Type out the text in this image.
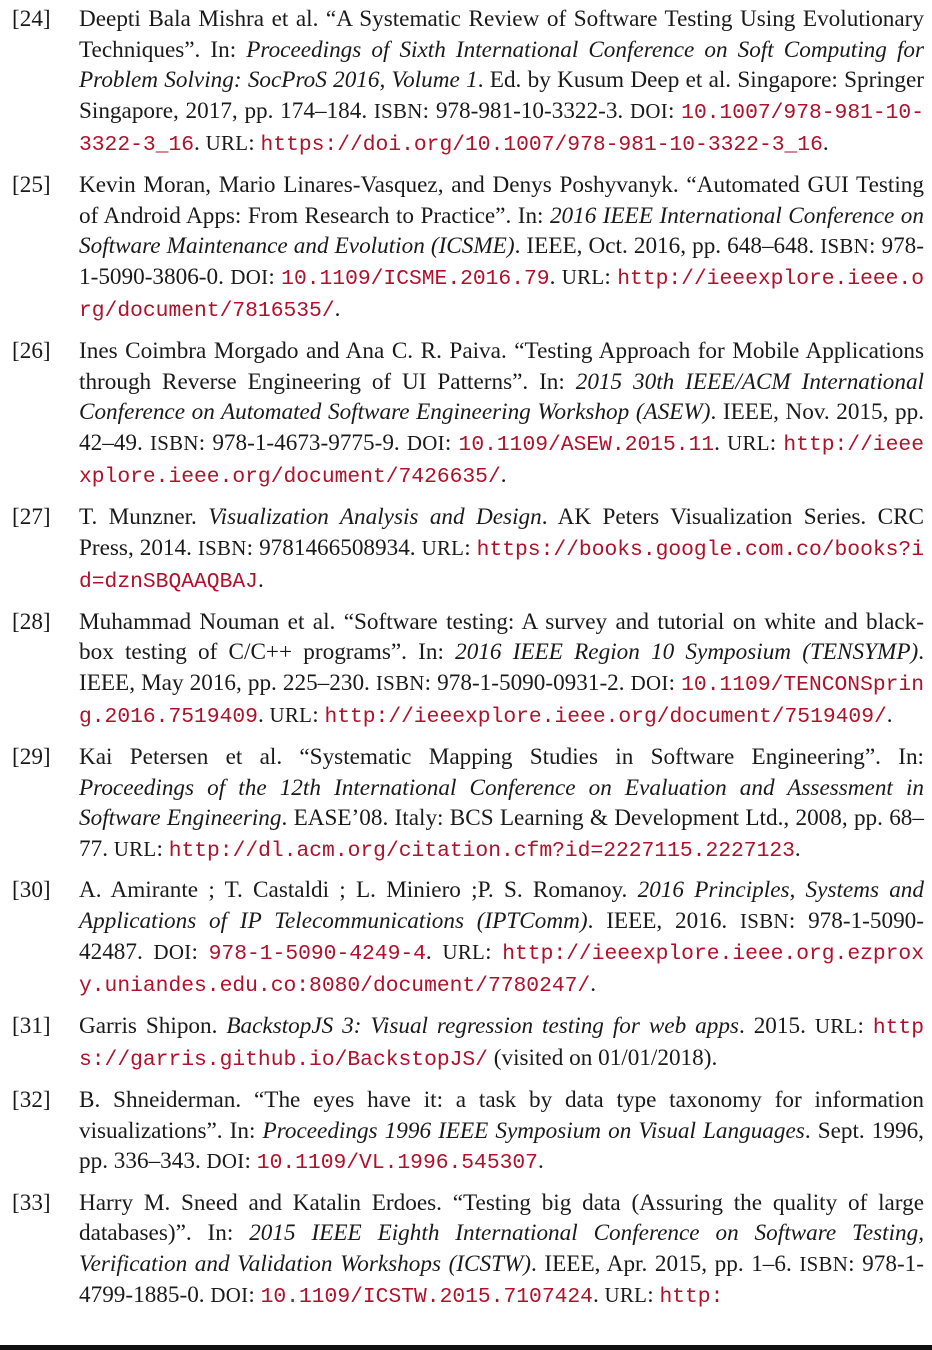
[24] Deepti Bala Mishra et al. “A Systematic Review of Software Testing Using Evolutionary Techniques”. In: Proceedings of Sixth International Conference on Soft Computing for Problem Solving: SocProS 2016, Volume 1. Ed. by Kusum Deep et al. Singapore: Springer Singapore, 2017, pp. 174–184. ISBN: 978-981-10-3322-3. DOI: 10.1007/978-981-10-3322-3_16. URL: https://doi.org/10.1007/978-981-10-3322-3_16.
[25] Kevin Moran, Mario Linares-Vasquez, and Denys Poshyvanyk. “Automated GUI Testing of Android Apps: From Research to Practice”. In: 2016 IEEE International Conference on Software Maintenance and Evolution (ICSME). IEEE, Oct. 2016, pp. 648–648. ISBN: 978-1-5090-3806-0. DOI: 10.1109/ICSME.2016.79. URL: http://ieeexplore.ieee.org/document/7816535/.
[26] Ines Coimbra Morgado and Ana C. R. Paiva. “Testing Approach for Mobile Applications through Reverse Engineering of UI Patterns”. In: 2015 30th IEEE/ACM International Conference on Automated Software Engineering Workshop (ASEW). IEEE, Nov. 2015, pp. 42–49. ISBN: 978-1-4673-9775-9. DOI: 10.1109/ASEW.2015.11. URL: http://ieeexplore.ieee.org/document/7426635/.
[27] T. Munzner. Visualization Analysis and Design. AK Peters Visualization Series. CRC Press, 2014. ISBN: 9781466508934. URL: https://books.google.com.co/books?id=dznSBQAAQBAJ.
[28] Muhammad Nouman et al. “Software testing: A survey and tutorial on white and black-box testing of C/C++ programs”. In: 2016 IEEE Region 10 Symposium (TENSYMP). IEEE, May 2016, pp. 225–230. ISBN: 978-1-5090-0931-2. DOI: 10.1109/TENCONSpring.2016.7519409. URL: http://ieeexplore.ieee.org/document/7519409/.
[29] Kai Petersen et al. “Systematic Mapping Studies in Software Engineering”. In: Proceedings of the 12th International Conference on Evaluation and Assessment in Software Engineering. EASE’08. Italy: BCS Learning & Development Ltd., 2008, pp. 68–77. URL: http://dl.acm.org/citation.cfm?id=2227115.2227123.
[30] A. Amirante ; T. Castaldi ; L. Miniero ;P. S. Romanoy. 2016 Principles, Systems and Applications of IP Telecommunications (IPTComm). IEEE, 2016. ISBN: 978-1-5090-42487. DOI: 978-1-5090-4249-4. URL: http://ieeexplore.ieee.org.ezproxy.uniandes.edu.co:8080/document/7780247/.
[31] Garris Shipon. BackstopJS 3: Visual regression testing for web apps. 2015. URL: https://garris.github.io/BackstopJS/ (visited on 01/01/2018).
[32] B. Shneiderman. “The eyes have it: a task by data type taxonomy for information visualizations”. In: Proceedings 1996 IEEE Symposium on Visual Languages. Sept. 1996, pp. 336–343. DOI: 10.1109/VL.1996.545307.
[33] Harry M. Sneed and Katalin Erdoes. “Testing big data (Assuring the quality of large databases)”. In: 2015 IEEE Eighth International Conference on Software Testing, Verification and Validation Workshops (ICSTW). IEEE, Apr. 2015, pp. 1–6. ISBN: 978-1-4799-1885-0. DOI: 10.1109/ICSTW.2015.7107424. URL: http:
